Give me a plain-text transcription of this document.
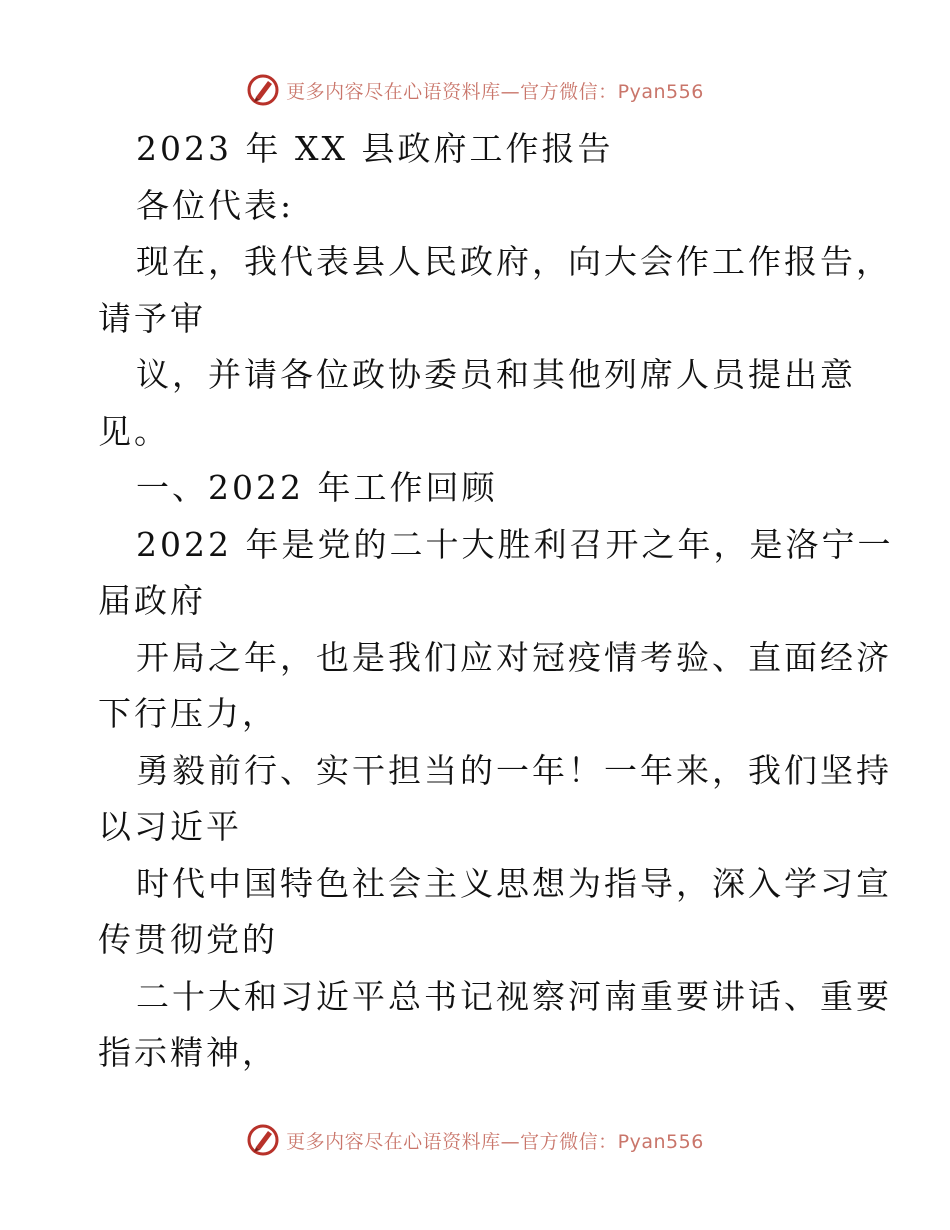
更多内容尽在心语资料库—官方微信：Pyan556
2023 年 XX 县政府工作报告
各位代表:
现在，我代表县人民政府，向大会作工作报告，
请予审
议，并请各位政协委员和其他列席人员提出意
见。
一、2022 年工作回顾
2022 年是党的二十大胜利召开之年，是洛宁一
届政府
开局之年，也是我们应对冠疫情考验、直面经济
下行压力，
勇毅前行、实干担当的一年！一年来，我们坚持
以习近平
时代中国特色社会主义思想为指导，深入学习宣
传贯彻党的
二十大和习近平总书记视察河南重要讲话、重要
指示精神，
更多内容尽在心语资料库—官方微信：Pyan556
